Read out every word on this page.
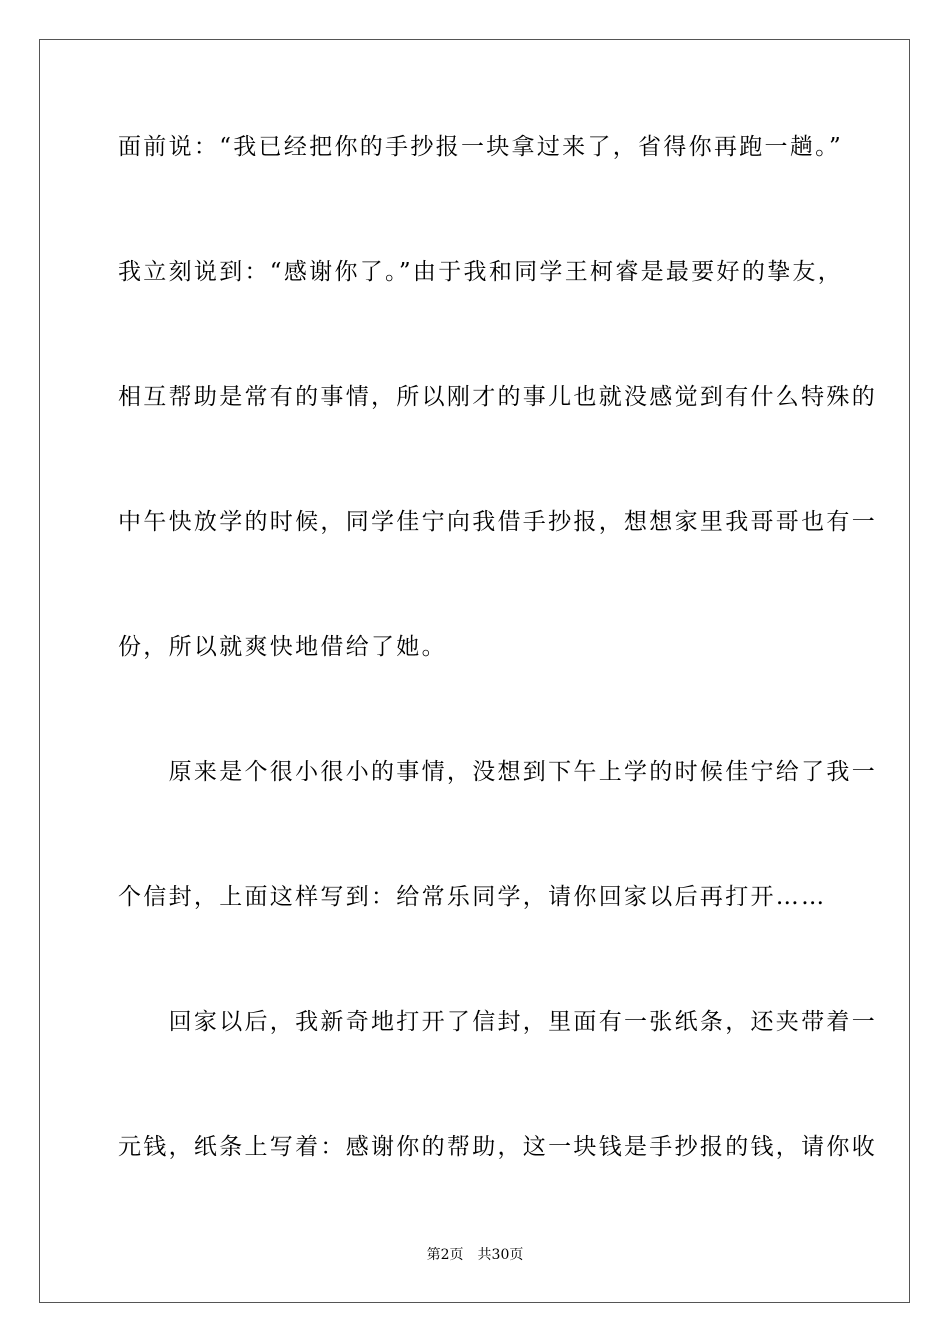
面前说：“我已经把你的手抄报一块拿过来了，省得你再跑一趟。”
我立刻说到：“感谢你了。”由于我和同学王柯睿是最要好的挚友，
相互帮助是常有的事情，所以刚才的事儿也就没感觉到有什么特殊的
中午快放学的时候，同学佳宁向我借手抄报，想想家里我哥哥也有一
份，所以就爽快地借给了她。
　　原来是个很小很小的事情，没想到下午上学的时候佳宁给了我一
个信封，上面这样写到：给常乐同学，请你回家以后再打开……
　　回家以后，我新奇地打开了信封，里面有一张纸条，还夹带着一
元钱，纸条上写着：感谢你的帮助，这一块钱是手抄报的钱，请你收
第2页　共30页
